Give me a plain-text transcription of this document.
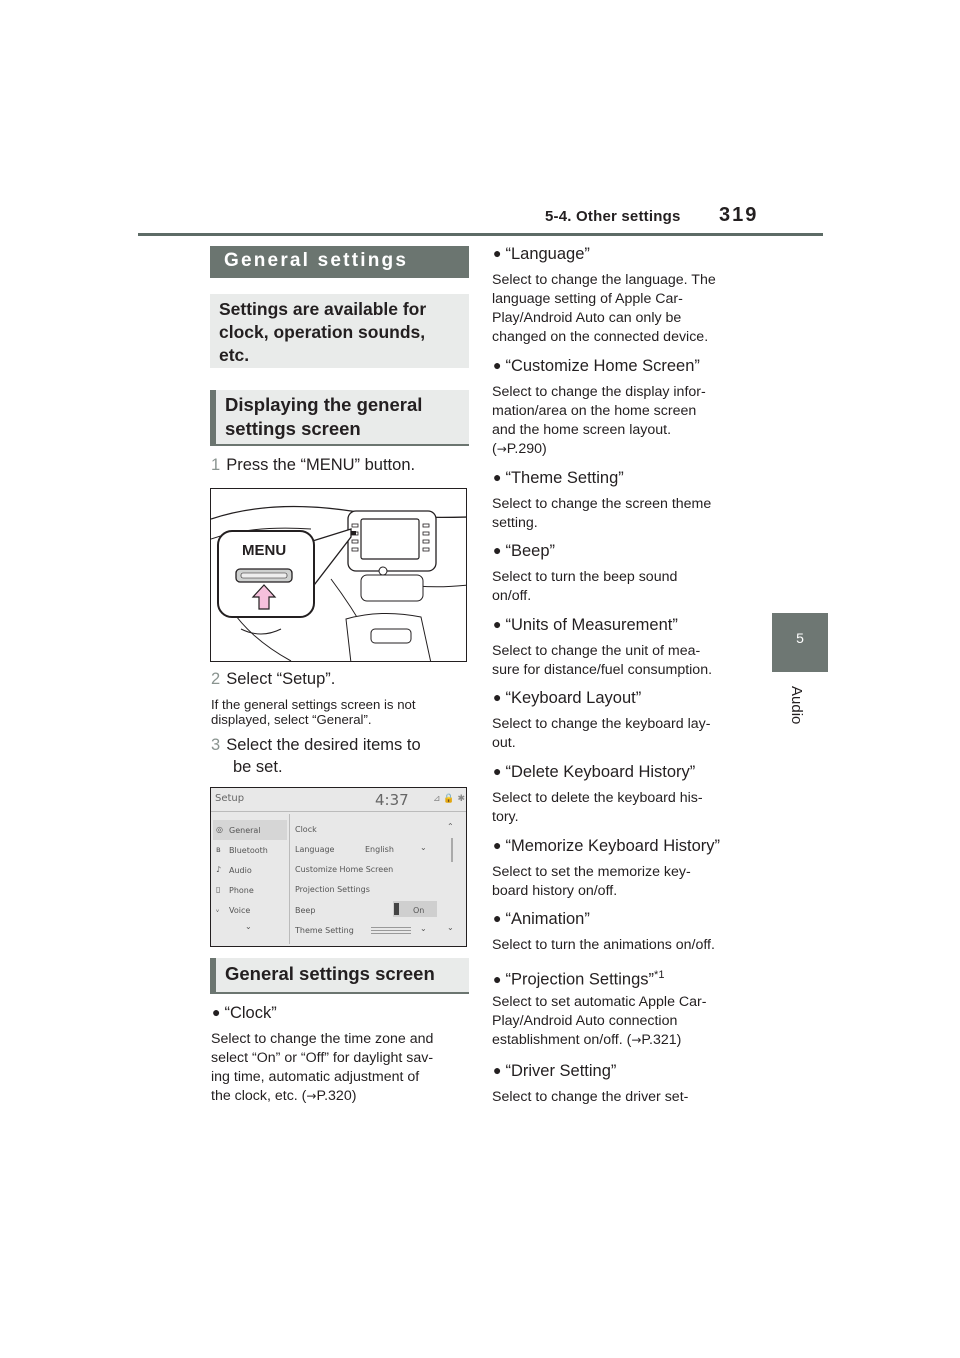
5-4. Other settings 319
5
Audio
General settings
Settings are available for clock, operation sounds, etc.
Displaying the general settings screen
1 Press the “MENU” button.
MENU
2 Select “Setup”.
If the general settings screen is not displayed, select “General”.
3 Select the desired items to
be set.
Setup	4:37	⊿ 🔒 ✱
◎ General
ʙ Bluetooth
♪ Audio
▯ Phone
ᵥ Voice
⌄
Clock
Language	English	⌄
Customize Home Screen
Projection Settings
Beep	On
Theme Setting	⌄
⌃
⌄
General settings screen
● “Clock”
Select to change the time zone and
select “On” or “Off” for daylight sav-
ing time, automatic adjustment of
the clock, etc. (→P.320)
● “Language”
Select to change the language. The
language setting of Apple Car-
Play/Android Auto can only be
changed on the connected device.
● “Customize Home Screen”
Select to change the display infor-
mation/area on the home screen
and the home screen layout.
(→P.290)
● “Theme Setting”
Select to change the screen theme
setting.
● “Beep”
Select to turn the beep sound
on/off.
● “Units of Measurement”
Select to change the unit of mea-
sure for distance/fuel consumption.
● “Keyboard Layout”
Select to change the keyboard lay-
out.
● “Delete Keyboard History”
Select to delete the keyboard his-
tory.
● “Memorize Keyboard History”
Select to set the memorize key-
board history on/off.
● “Animation”
Select to turn the animations on/off.
● “Projection Settings”$^{*1}$
Select to set automatic Apple Car-
Play/Android Auto connection
establishment on/off. (→P.321)
● “Driver Setting”
Select to change the driver set-
